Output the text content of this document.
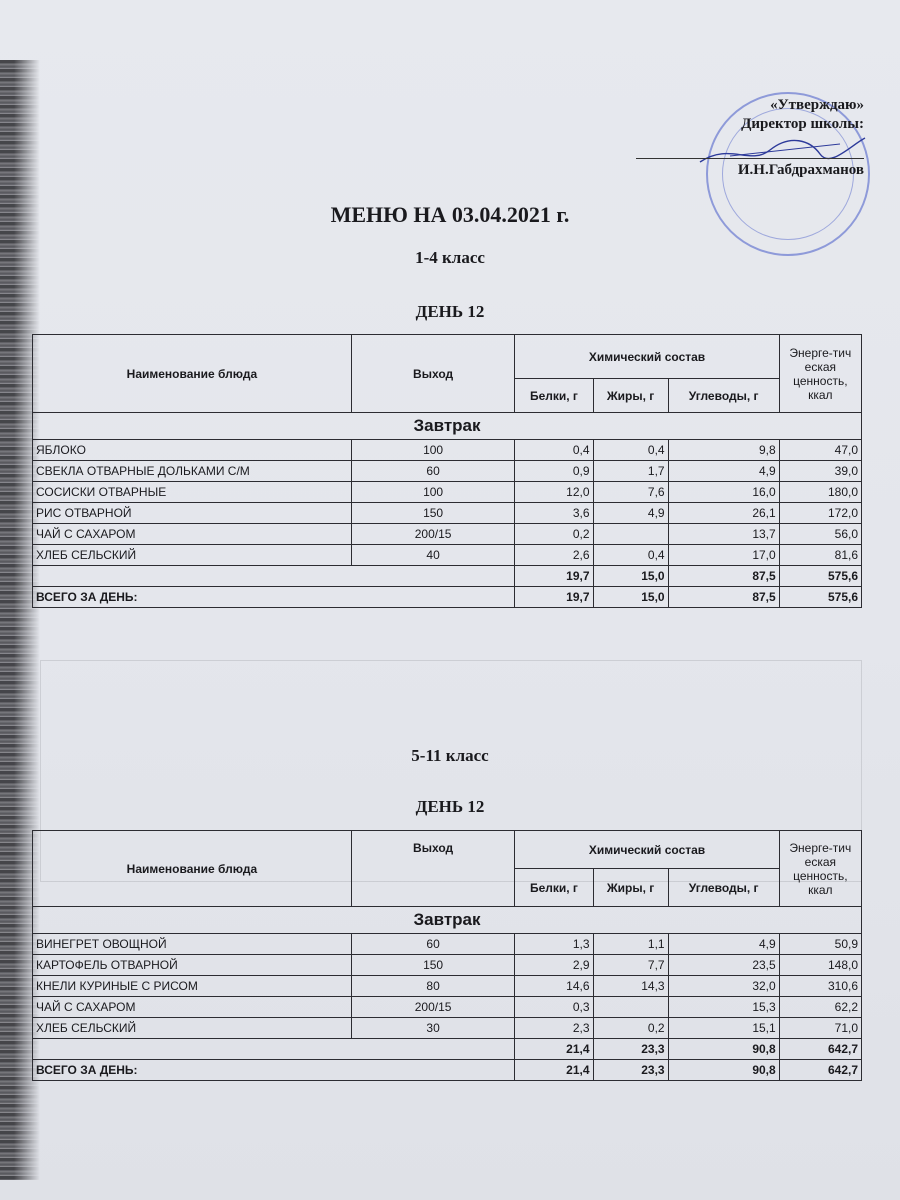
«Утверждаю»
Директор школы:
И.Н.Габдрахманов
МЕНЮ НА 03.04.2021 г.
1-4 класс
ДЕНЬ 12
Наименование блюда	Выход	Химический состав			Энерге-тич еская ценность, ккал
		Белки, г	Жиры, г	Углеводы, г	
Завтрак					
ЯБЛОКО	100	0,4	0,4	9,8	47,0
СВЕКЛА ОТВАРНЫЕ ДОЛЬКАМИ С/М	60	0,9	1,7	4,9	39,0
СОСИСКИ ОТВАРНЫЕ	100	12,0	7,6	16,0	180,0
РИС ОТВАРНОЙ	150	3,6	4,9	26,1	172,0
ЧАЙ С САХАРОМ	200/15	0,2		13,7	56,0
ХЛЕБ СЕЛЬСКИЙ	40	2,6	0,4	17,0	81,6
		19,7	15,0	87,5	575,6
ВСЕГО ЗА ДЕНЬ:		19,7	15,0	87,5	575,6
5-11 класс
ДЕНЬ 12
Наименование блюда	Выход	Химический состав			Энерге-тич еская ценность, ккал
		Белки, г	Жиры, г	Углеводы, г	
Завтрак					
ВИНЕГРЕТ ОВОЩНОЙ	60	1,3	1,1	4,9	50,9
КАРТОФЕЛЬ ОТВАРНОЙ	150	2,9	7,7	23,5	148,0
КНЕЛИ КУРИНЫЕ С РИСОМ	80	14,6	14,3	32,0	310,6
ЧАЙ С САХАРОМ	200/15	0,3		15,3	62,2
ХЛЕБ СЕЛЬСКИЙ	30	2,3	0,2	15,1	71,0
		21,4	23,3	90,8	642,7
ВСЕГО ЗА ДЕНЬ:		21,4	23,3	90,8	642,7
